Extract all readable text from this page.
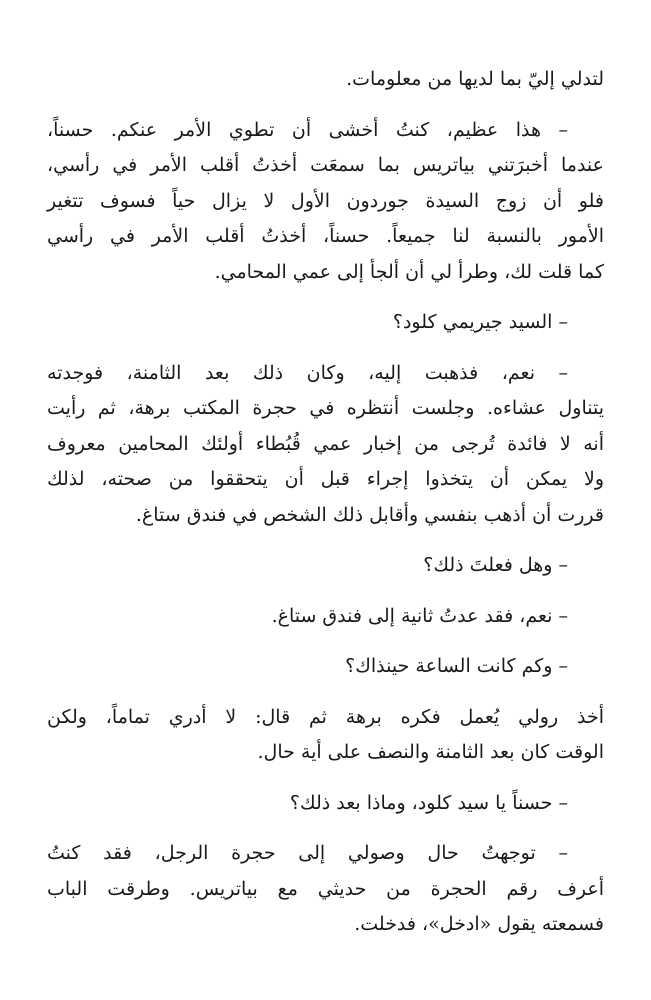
لتدلي إليّ بما لديها من معلومات.

– هذا عظيم، كنتُ أخشى أن تطوي الأمر عنكم. حسناً،

عندما أخبرَتني بياتريس بما سمعَت أخذتُ أقلب الأمر في رأسي،
فلو أن زوج السيدة جوردون الأول لا يزال حياً فسوف تتغير
الأمور بالنسبة لنا جميعاً. حسناً، أخذتُ أقلب الأمر في رأسي
كما قلت لك، وطرأ لي أن ألجأ إلى عمي المحامي.

– السيد جيريمي كلود؟

– نعم، فذهبت إليه، وكان ذلك بعد الثامنة، فوجدته

يتناول عشاءه. وجلست أنتظره في حجرة المكتب برهة، ثم رأيت
أنه لا فائدة تُرجى من إخبار عمي قُبُطاء أولئك المحامين معروف
ولا يمكن أن يتخذوا إجراء قبل أن يتحققوا من صحته، لذلك
قررت أن أذهب بنفسي وأقابل ذلك الشخص في فندق ستاغ.

– وهل فعلتَ ذلك؟

– نعم، فقد عدتُ ثانية إلى فندق ستاغ.

– وكم كانت الساعة حينذاك؟

أخذ رولي يُعمل فكره برهة ثم قال: لا أدري تماماً، ولكن
الوقت كان بعد الثامنة والنصف على أية حال.

– حسناً يا سيد كلود، وماذا بعد ذلك؟

– توجهتُ حال وصولي إلى حجرة الرجل، فقد كنتُ

أعرف رقم الحجرة من حديثي مع بياتريس. وطرقت الباب
فسمعته يقول «ادخل»، فدخلت.
